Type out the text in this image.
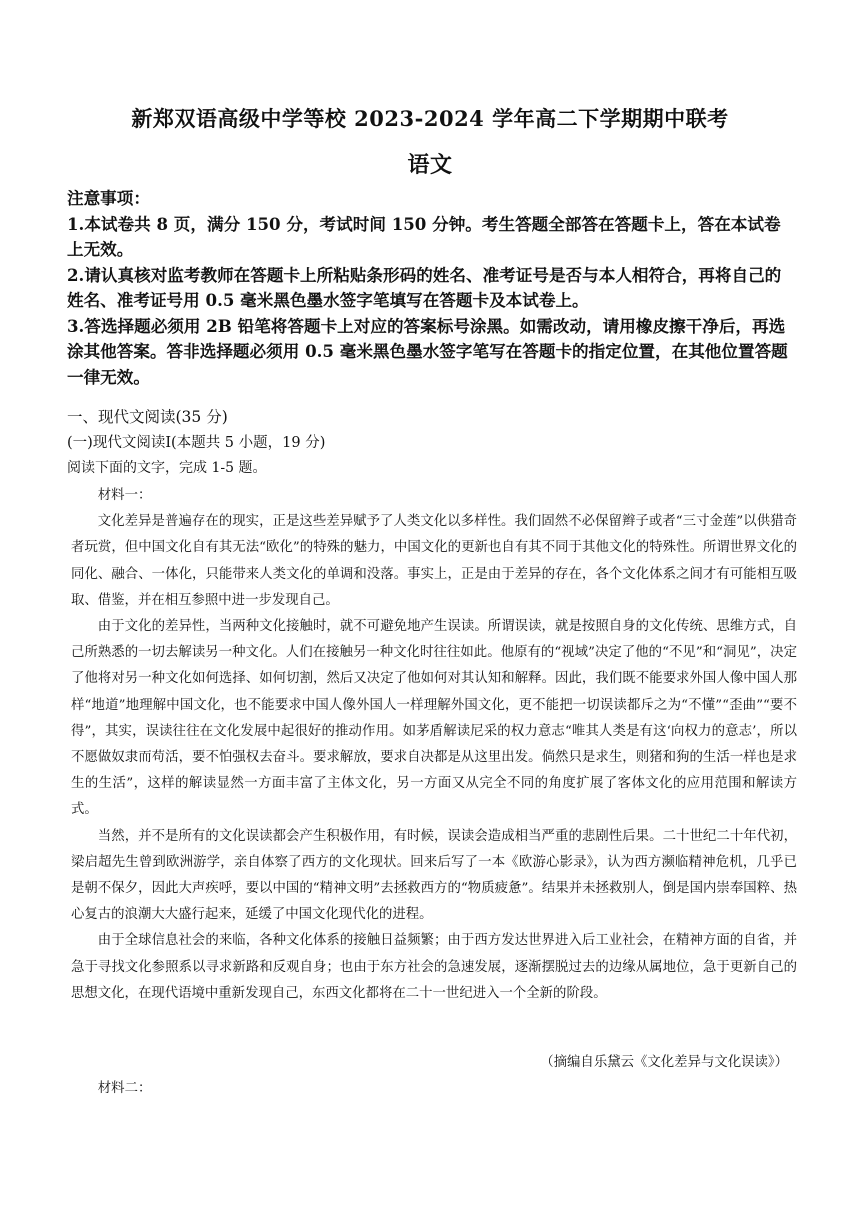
新郑双语高级中学等校 2023-2024 学年高二下学期期中联考
语文

注意事项：

1.本试卷共 8 页，满分 150 分，考试时间 150 分钟。考生答题全部答在答题卡上，答在本试卷上无效。

2.请认真核对监考教师在答题卡上所粘贴条形码的姓名、准考证号是否与本人相符合，再将自己的姓名、准考证号用 0.5 毫米黑色墨水签字笔填写在答题卡及本试卷上。

3.答选择题必须用 2B 铅笔将答题卡上对应的答案标号涂黑。如需改动，请用橡皮擦干净后，再选涂其他答案。答非选择题必须用 0.5 毫米黑色墨水签字笔写在答题卡的指定位置，在其他位置答题一律无效。

一、现代文阅读(35 分)
(一)现代文阅读Ⅰ(本题共 5 小题，19 分)
阅读下面的文字，完成 1-5 题。

材料一：

文化差异是普遍存在的现实，正是这些差异赋予了人类文化以多样性。我们固然不必保留辫子或者“三寸金莲”以供猎奇者玩赏，但中国文化自有其无法“欧化”的特殊的魅力，中国文化的更新也自有其不同于其他文化的特殊性。所谓世界文化的同化、融合、一体化，只能带来人类文化的单调和没落。事实上，正是由于差异的存在，各个文化体系之间才有可能相互吸取、借鉴，并在相互参照中进一步发现自己。

由于文化的差异性，当两种文化接触时，就不可避免地产生误读。所谓误读，就是按照自身的文化传统、思维方式，自己所熟悉的一切去解读另一种文化。人们在接触另一种文化时往往如此。他原有的“视域”决定了他的“不见”和“洞见”，决定了他将对另一种文化如何选择、如何切割，然后又决定了他如何对其认知和解释。因此，我们既不能要求外国人像中国人那样“地道”地理解中国文化，也不能要求中国人像外国人一样理解外国文化，更不能把一切误读都斥之为“不懂”“歪曲”“要不得”，其实，误读往往在文化发展中起很好的推动作用。如茅盾解读尼采的权力意志“唯其人类是有这‘向权力的意志’，所以不愿做奴隶而苟活，要不怕强权去奋斗。要求解放，要求自决都是从这里出发。倘然只是求生，则猪和狗的生活一样也是求生的生活”，这样的解读显然一方面丰富了主体文化，另一方面又从完全不同的角度扩展了客体文化的应用范围和解读方式。

当然，并不是所有的文化误读都会产生积极作用，有时候，误读会造成相当严重的悲剧性后果。二十世纪二十年代初，梁启超先生曾到欧洲游学，亲自体察了西方的文化现状。回来后写了一本《欧游心影录》，认为西方濒临精神危机，几乎已是朝不保夕，因此大声疾呼，要以中国的“精神文明”去拯救西方的“物质疲惫”。结果并未拯救别人，倒是国内崇奉国粹、热心复古的浪潮大大盛行起来，延缓了中国文化现代化的进程。

由于全球信息社会的来临，各种文化体系的接触日益频繁；由于西方发达世界进入后工业社会，在精神方面的自省，并急于寻找文化参照系以寻求新路和反观自身；也由于东方社会的急速发展，逐渐摆脱过去的边缘从属地位，急于更新自己的思想文化，在现代语境中重新发现自己，东西文化都将在二十一世纪进入一个全新的阶段。

（摘编自乐黛云《文化差异与文化误读》）

材料二：
